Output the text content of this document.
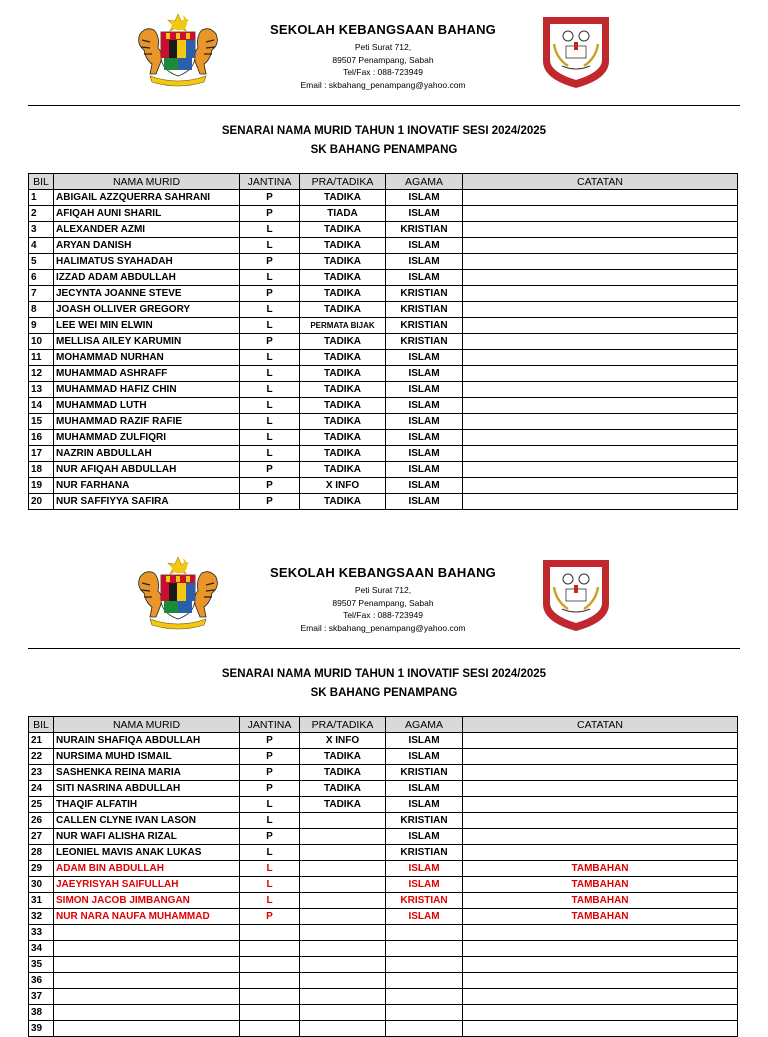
SEKOLAH KEBANGSAAN BAHANG
Peti Surat 712,
89507 Penampang, Sabah
Tel/Fax : 088-723949
Email : skbahang_penampang@yahoo.com
SENARAI NAMA MURID TAHUN 1 INOVATIF SESI 2024/2025
SK BAHANG PENAMPANG
BIL	NAMA MURID	JANTINA	PRA/TADIKA	AGAMA	CATATAN
1	ABIGAIL AZZQUERRA SAHRANI	P	TADIKA	ISLAM	
2	AFIQAH AUNI SHARIL	P	TIADA	ISLAM	
3	ALEXANDER AZMI	L	TADIKA	KRISTIAN	
4	ARYAN DANISH	L	TADIKA	ISLAM	
5	HALIMATUS SYAHADAH	P	TADIKA	ISLAM	
6	IZZAD ADAM ABDULLAH	L	TADIKA	ISLAM	
7	JECYNTA JOANNE STEVE	P	TADIKA	KRISTIAN	
8	JOASH OLLIVER GREGORY	L	TADIKA	KRISTIAN	
9	LEE WEI MIN ELWIN	L	PERMATA BIJAK	KRISTIAN	
10	MELLISA AILEY KARUMIN	P	TADIKA	KRISTIAN	
11	MOHAMMAD NURHAN	L	TADIKA	ISLAM	
12	MUHAMMAD ASHRAFF	L	TADIKA	ISLAM	
13	MUHAMMAD HAFIZ CHIN	L	TADIKA	ISLAM	
14	MUHAMMAD LUTH	L	TADIKA	ISLAM	
15	MUHAMMAD RAZIF RAFIE	L	TADIKA	ISLAM	
16	MUHAMMAD ZULFIQRI	L	TADIKA	ISLAM	
17	NAZRIN ABDULLAH	L	TADIKA	ISLAM	
18	NUR AFIQAH ABDULLAH	P	TADIKA	ISLAM	
19	NUR FARHANA	P	X INFO	ISLAM	
20	NUR SAFFIYYA SAFIRA	P	TADIKA	ISLAM	
SEKOLAH KEBANGSAAN BAHANG
Peti Surat 712,
89507 Penampang, Sabah
Tel/Fax : 088-723949
Email : skbahang_penampang@yahoo.com
SENARAI NAMA MURID TAHUN 1 INOVATIF SESI 2024/2025
SK BAHANG PENAMPANG
BIL	NAMA MURID	JANTINA	PRA/TADIKA	AGAMA	CATATAN
21	NURAIN SHAFIQA ABDULLAH	P	X INFO	ISLAM	
22	NURSIMA MUHD ISMAIL	P	TADIKA	ISLAM	
23	SASHENKA REINA MARIA	P	TADIKA	KRISTIAN	
24	SITI NASRINA ABDULLAH	P	TADIKA	ISLAM	
25	THAQIF ALFATIH	L	TADIKA	ISLAM	
26	CALLEN CLYNE IVAN LASON	L		KRISTIAN	
27	NUR WAFI ALISHA RIZAL	P		ISLAM	
28	LEONIEL MAVIS ANAK LUKAS	L		KRISTIAN	
29	ADAM BIN ABDULLAH	L		ISLAM	TAMBAHAN
30	JAEYRISYAH SAIFULLAH	L		ISLAM	TAMBAHAN
31	SIMON JACOB JIMBANGAN	L		KRISTIAN	TAMBAHAN
32	NUR NARA NAUFA MUHAMMAD	P		ISLAM	TAMBAHAN
33					
34					
35					
36					
37					
38					
39					
